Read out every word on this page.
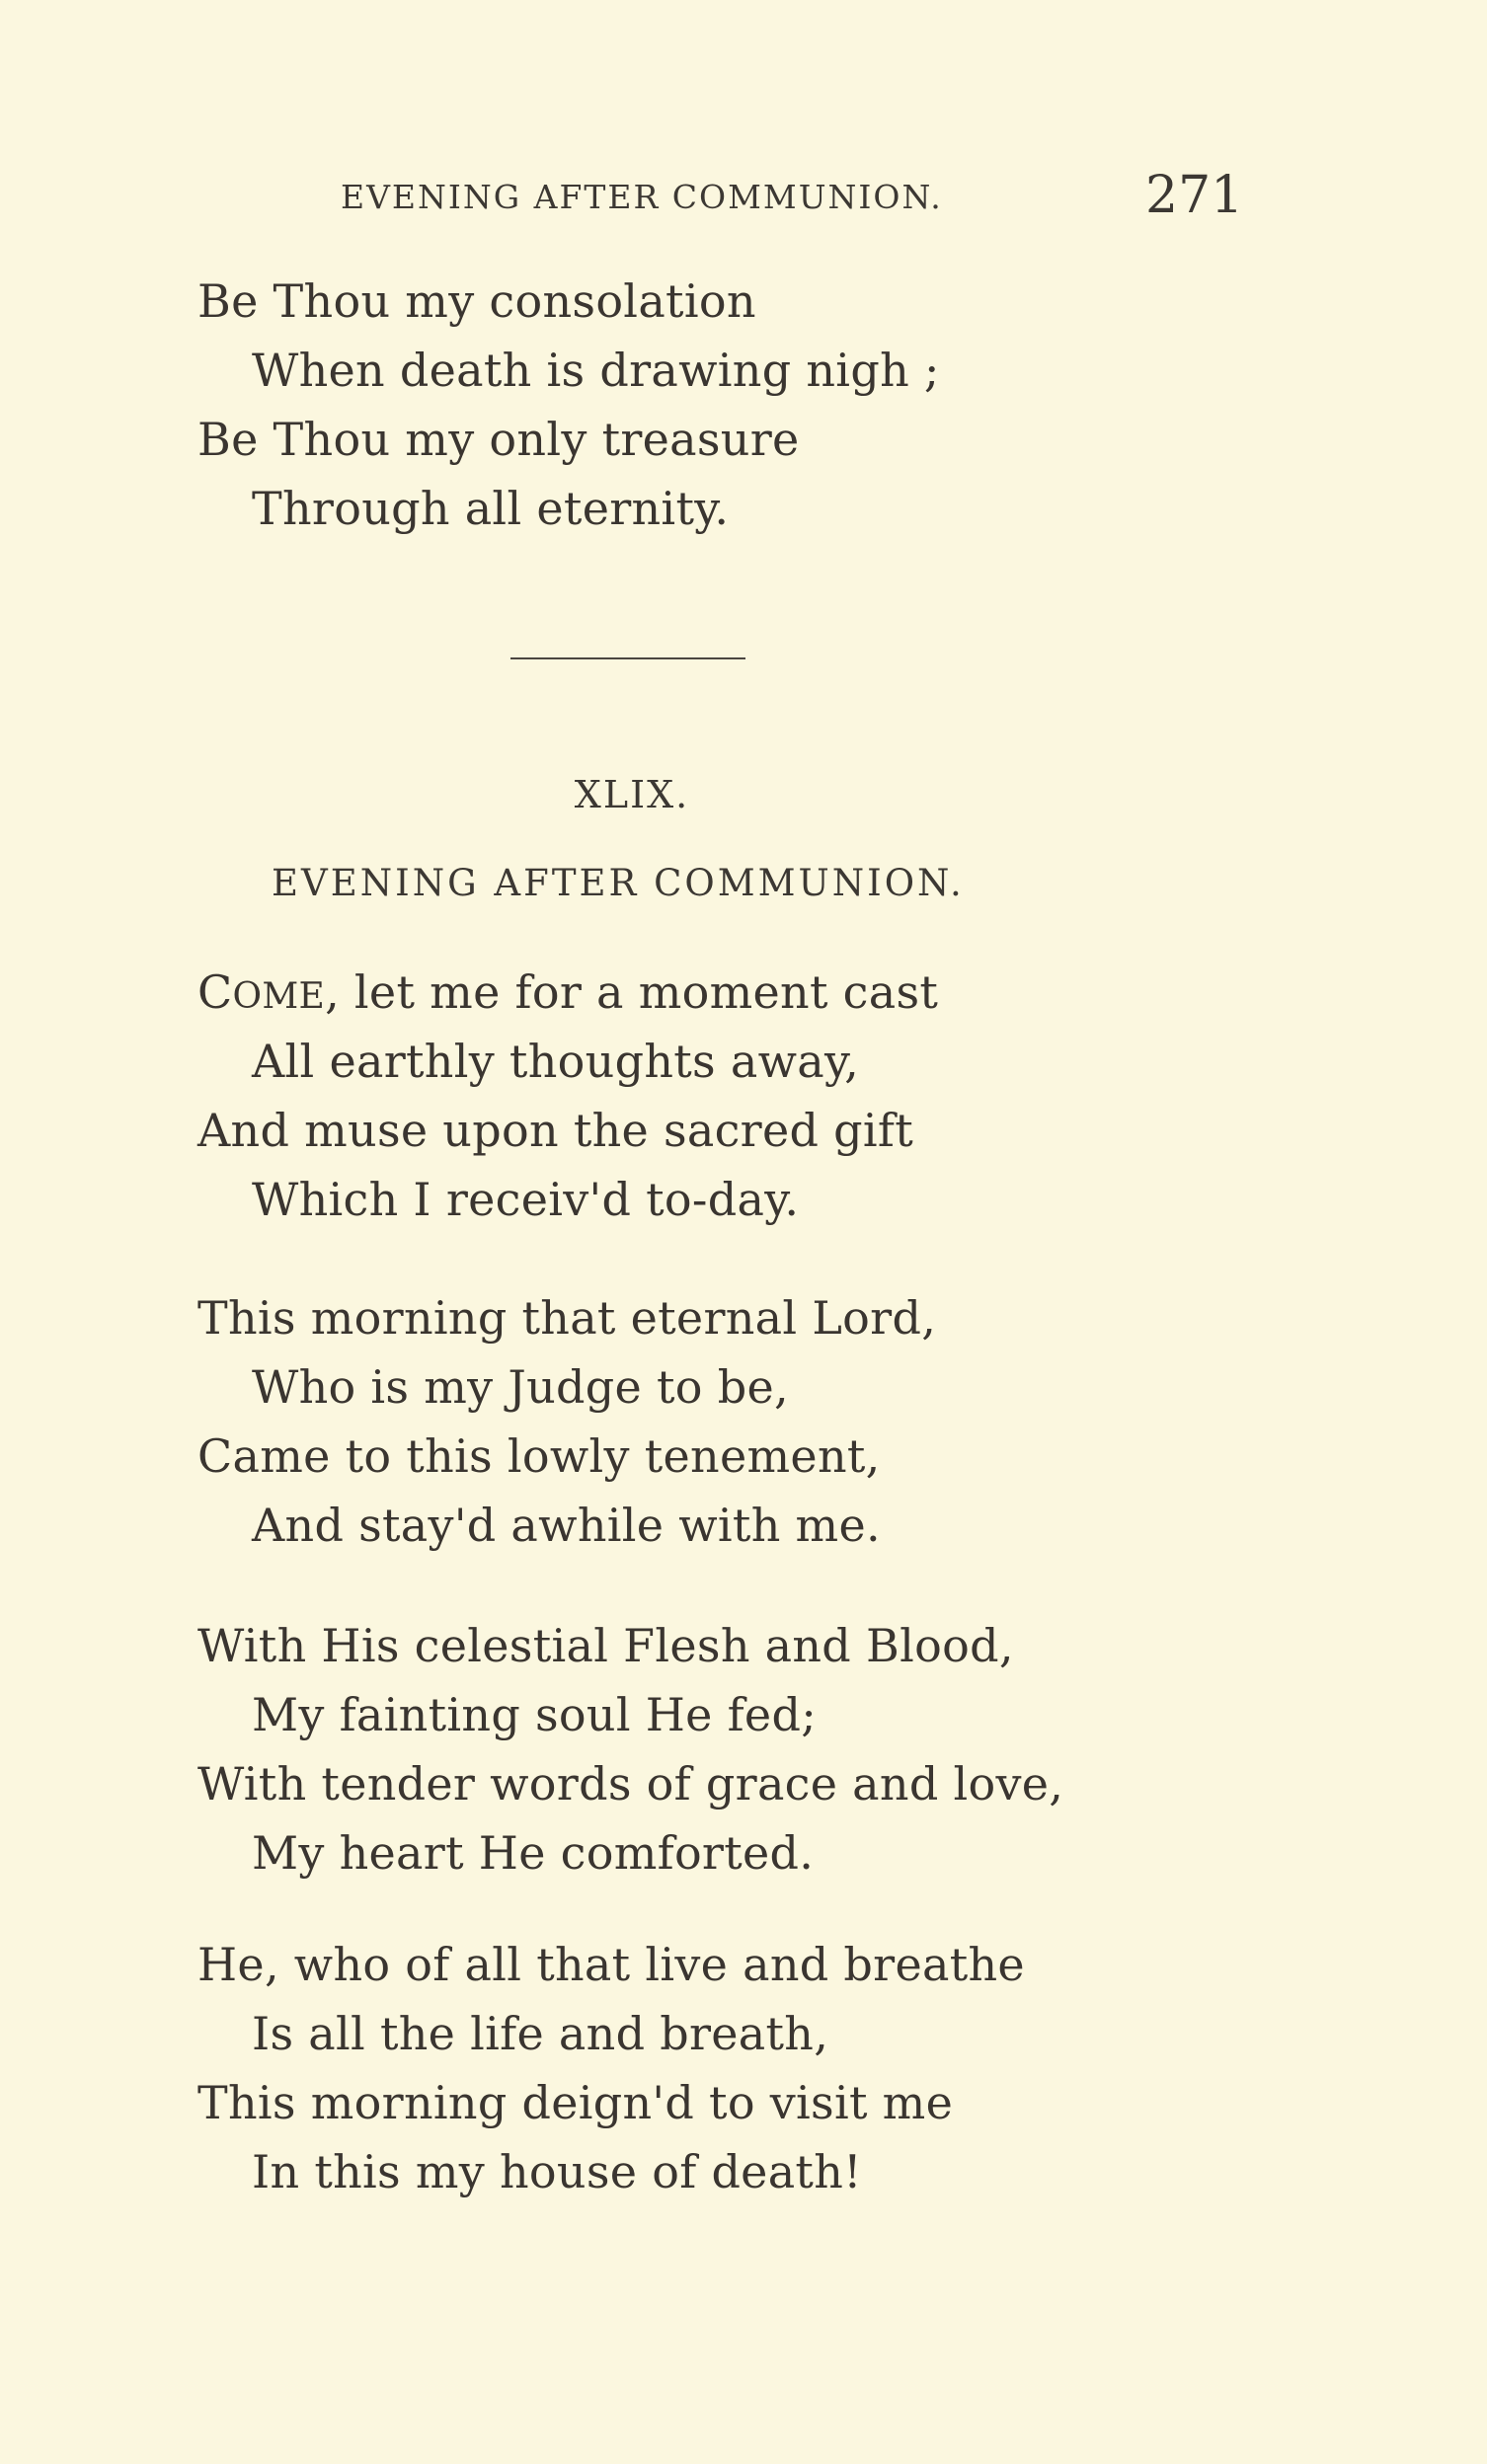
EVENING AFTER COMMUNION.	271
Be Thou my consolation
When death is drawing nigh ;
Be Thou my only treasure
Through all eternity.
XLIX.
EVENING AFTER COMMUNION.
COME, let me for a moment cast
All earthly thoughts away,
And muse upon the sacred gift
Which I receiv'd to-day.
This morning that eternal Lord,
Who is my Judge to be,
Came to this lowly tenement,
And stay'd awhile with me.
With His celestial Flesh and Blood,
My fainting soul He fed;
With tender words of grace and love,
My heart He comforted.
He, who of all that live and breathe
Is all the life and breath,
This morning deign'd to visit me
In this my house of death!
